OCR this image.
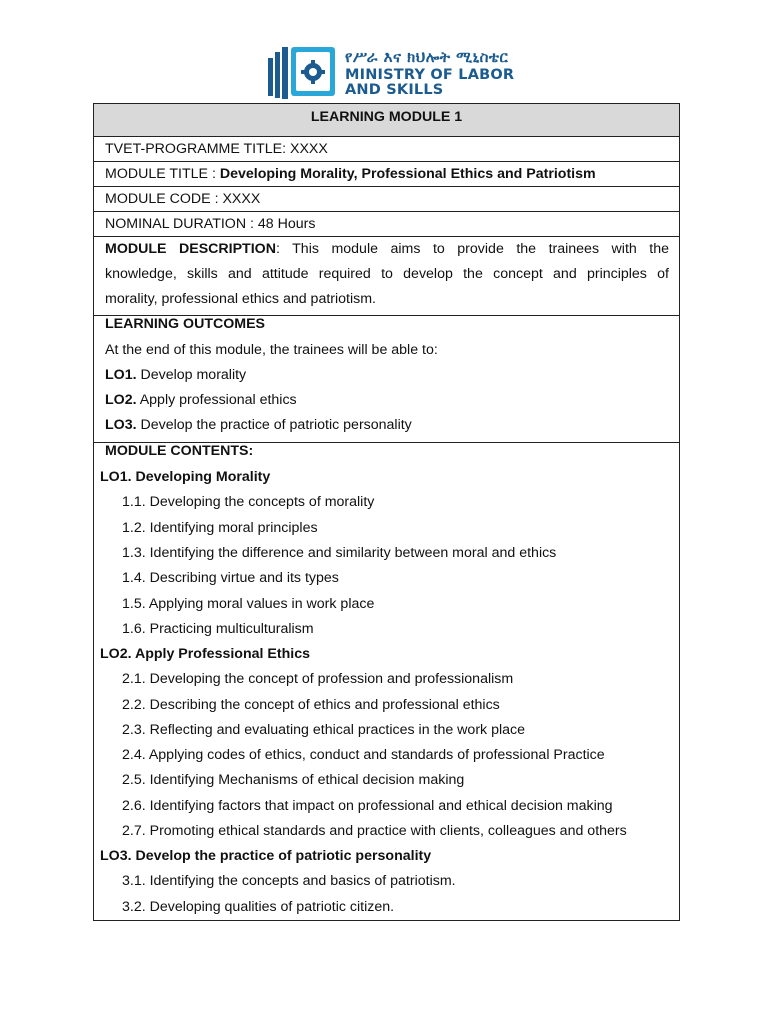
የሥራ እና ክህሎት ሚኒስቴር
MINISTRY OF LABOR
AND SKILLS
LEARNING MODULE 1
TVET-PROGRAMME TITLE: XXXX
MODULE TITLE : Developing Morality, Professional Ethics and Patriotism
MODULE CODE : XXXX
NOMINAL DURATION : 48 Hours
MODULE DESCRIPTION: This module aims to provide the trainees with the
knowledge, skills and attitude required to develop the concept and principles of
morality, professional ethics and patriotism.
LEARNING OUTCOMES
At the end of this module, the trainees will be able to:
LO1. Develop morality
LO2. Apply professional ethics
LO3. Develop the practice of patriotic personality
MODULE CONTENTS:
LO1. Developing Morality
1.1. Developing the concepts of morality
1.2. Identifying moral principles
1.3. Identifying the difference and similarity between moral and ethics
1.4. Describing virtue and its types
1.5. Applying moral values in work place
1.6. Practicing multiculturalism
LO2. Apply Professional Ethics
2.1. Developing the concept of profession and professionalism
2.2. Describing the concept of ethics and professional ethics
2.3. Reflecting and evaluating ethical practices in the work place
2.4. Applying codes of ethics, conduct and standards of professional Practice
2.5. Identifying Mechanisms of ethical decision making
2.6. Identifying factors that impact on professional and ethical decision making
2.7. Promoting ethical standards and practice with clients, colleagues and others
LO3. Develop the practice of patriotic personality
3.1. Identifying the concepts and basics of patriotism.
3.2. Developing qualities of patriotic citizen.
